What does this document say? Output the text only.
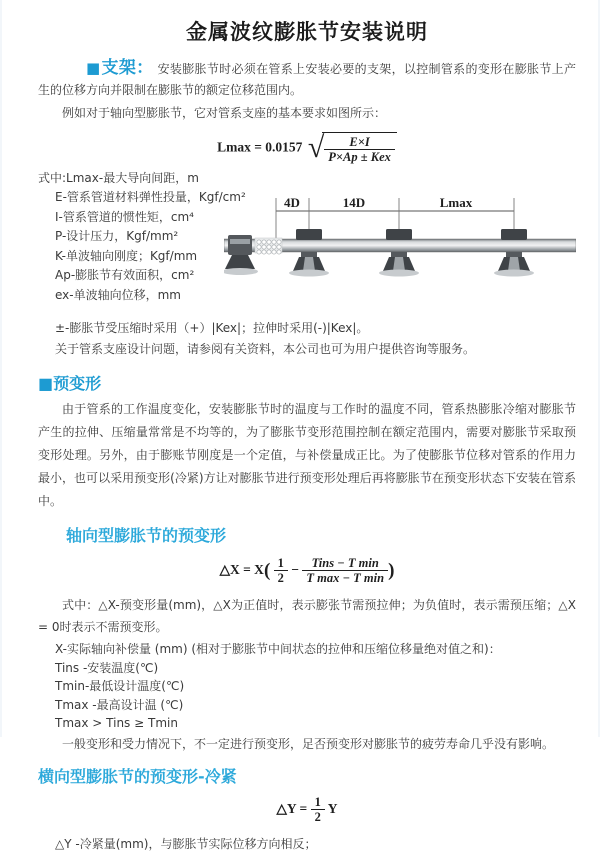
金属波纹膨胀节安装说明

■支架： 安装膨胀节时必须在管系上安装必要的支架，以控制管系的变形在膨胀节上产生的位移方向并限制在膨胀节的额定位移范围内。

例如对于轴向型膨胀节，它对管系支座的基本要求如图所示：

Lmax = 0.0157 √ $\frac{E\times I}{\text{P×Ap ± Kex}}$
式中:Lmax-最大导向间距，m
E-管系管道材料弹性投量，Kgf/cm²
I-管系管道的惯性矩，cm⁴
P-设计压力，Kgf/mm²
K-单波轴向刚度；Kgf/mm
Ap-膨胀节有效面积，cm²
ex-单波轴向位移，mm
4D	14D	Lmax

±-膨胀节受压缩时采用（+）|Kex|；拉伸时采用(-)|Kex|。

关于管系支座设计问题，请参阅有关资料，本公司也可为用户提供咨询等服务。

■预变形

由于管系的工作温度变化，安装膨胀节时的温度与工作时的温度不同，管系热膨胀冷缩对膨胀节产生的拉伸、压缩量常常是不均等的，为了膨胀节变形范围控制在额定范围内，需要对膨胀节采取预变形处理。另外，由于膨账节刚度是一个定值，与补偿量成正比。为了使膨胀节位移对管系的作用力最小，也可以采用预变形(冷紧)方让对膨胀节进行预变形处理后再将膨胀节在预变形状态下安装在管系中。

轴向型膨胀节的预变形
△X = $X( \frac{1}{2} - \frac{\text{Tins − T min}}{\text{T max − T min}}$ )

式中：△X-预变形量(mm)，△X为正值时，表示膨张节需预拉伸；为负值时，表示需预压缩；△X = 0时表示不需预变形。

X-实际轴向补偿量 (mm) (相对于膨胀节中间状态的拉伸和压缩位移量绝对值之和)：

Tins -安装温度(℃)

Tmin-最低设计温度(℃)

Tmax -最高设计温 (℃)

Tmax > Tins ≥ Tmin

一般变形和受力情况下，不一定进行预变形，足否预变形对膨胀节的疲劳寿命几乎没有影响。

横向型膨胀节的预变形-冷紧
△Y = $\frac{1}{2}$ Y

△Y -冷紧量(mm)，与膨胀节实际位移方向相反；
